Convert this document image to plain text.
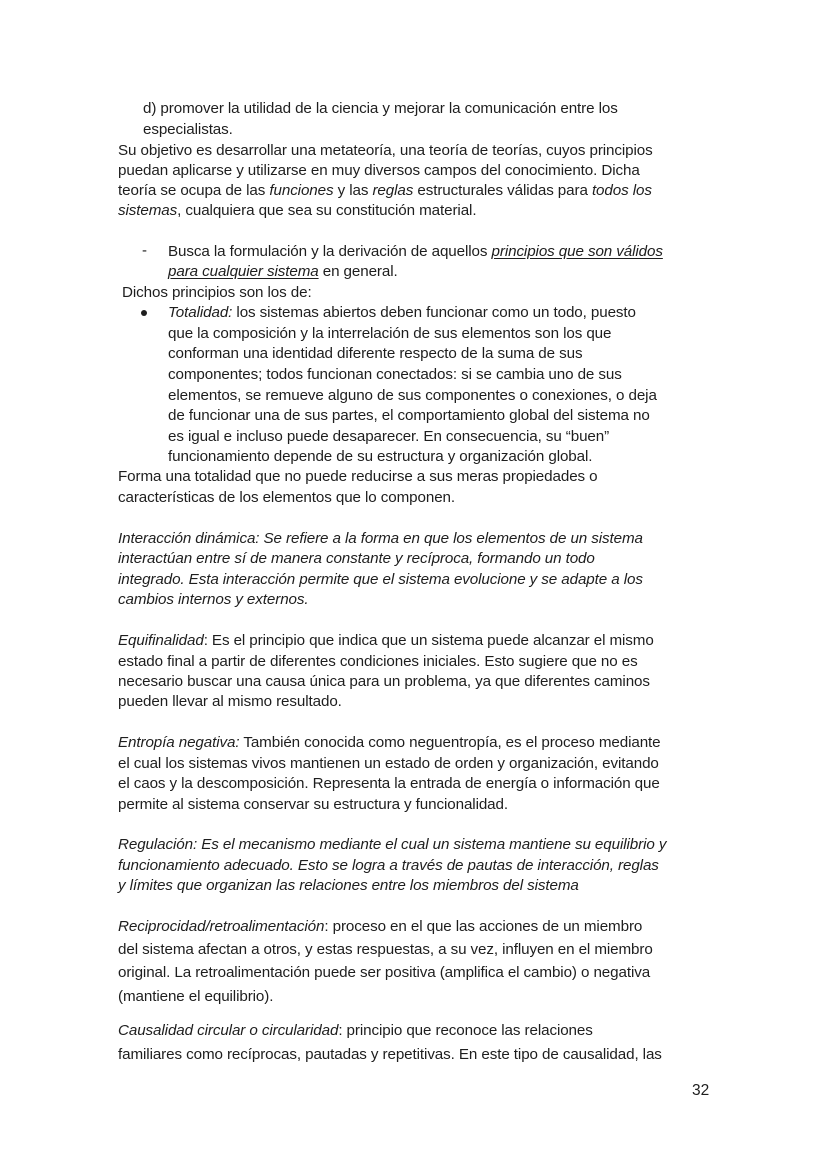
d) promover la utilidad de la ciencia y mejorar la comunicación entre los
especialistas.
Su objetivo es desarrollar una metateoría, una teoría de teorías, cuyos principios
puedan aplicarse y utilizarse en muy diversos campos del conocimiento. Dicha
teoría se ocupa de las funciones y las reglas estructurales válidas para todos los
sistemas, cualquiera que sea su constitución material.
- Busca la formulación y la derivación de aquellos principios que son válidos
para cualquier sistema en general.
Dichos principios son los de:
Totalidad: los sistemas abiertos deben funcionar como un todo, puesto
que la composición y la interrelación de sus elementos son los que
conforman una identidad diferente respecto de la suma de sus
componentes; todos funcionan conectados: si se cambia uno de sus
elementos, se remueve alguno de sus componentes o conexiones, o deja
de funcionar una de sus partes, el comportamiento global del sistema no
es igual e incluso puede desaparecer. En consecuencia, su “buen”
funcionamiento depende de su estructura y organización global.
Forma una totalidad que no puede reducirse a sus meras propiedades o
características de los elementos que lo componen.
Interacción dinámica: Se refiere a la forma en que los elementos de un sistema
interactúan entre sí de manera constante y recíproca, formando un todo
integrado. Esta interacción permite que el sistema evolucione y se adapte a los
cambios internos y externos.
Equifinalidad: Es el principio que indica que un sistema puede alcanzar el mismo
estado final a partir de diferentes condiciones iniciales. Esto sugiere que no es
necesario buscar una causa única para un problema, ya que diferentes caminos
pueden llevar al mismo resultado.
Entropía negativa: También conocida como neguentropía, es el proceso mediante
el cual los sistemas vivos mantienen un estado de orden y organización, evitando
el caos y la descomposición. Representa la entrada de energía o información que
permite al sistema conservar su estructura y funcionalidad.
Regulación: Es el mecanismo mediante el cual un sistema mantiene su equilibrio y
funcionamiento adecuado. Esto se logra a través de pautas de interacción, reglas
y límites que organizan las relaciones entre los miembros del sistema
Reciprocidad/retroalimentación: proceso en el que las acciones de un miembro
del sistema afectan a otros, y estas respuestas, a su vez, influyen en el miembro
original. La retroalimentación puede ser positiva (amplifica el cambio) o negativa
(mantiene el equilibrio).
Causalidad circular o circularidad: principio que reconoce las relaciones
familiares como recíprocas, pautadas y repetitivas. En este tipo de causalidad, las
32
